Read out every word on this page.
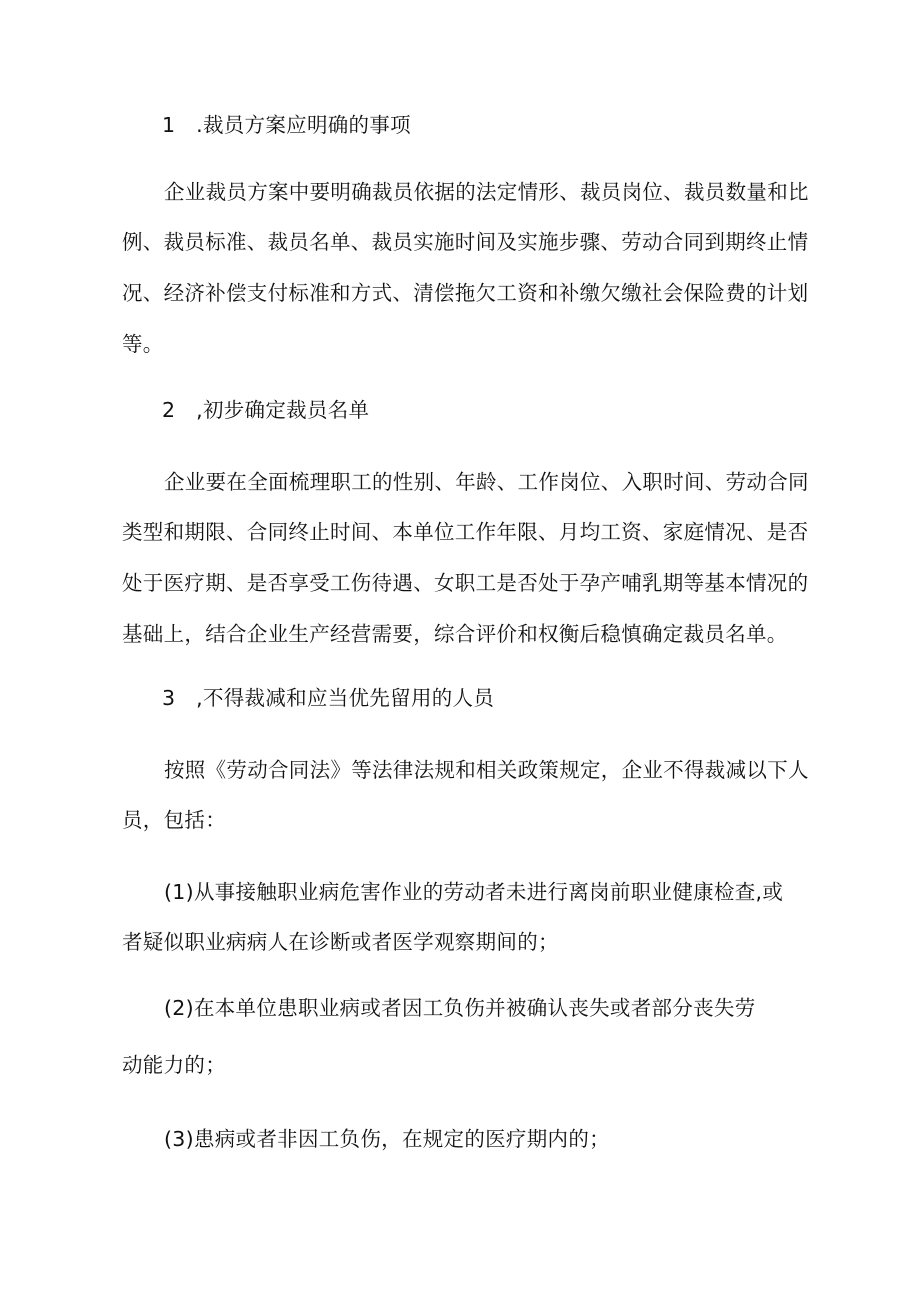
1　.裁员方案应明确的事项
企业裁员方案中要明确裁员依据的法定情形、裁员岗位、裁员数量和比
例、裁员标准、裁员名单、裁员实施时间及实施步骤、劳动合同到期终止情
况、经济补偿支付标准和方式、清偿拖欠工资和补缴欠缴社会保险费的计划
等。
2　,初步确定裁员名单
企业要在全面梳理职工的性别、年龄、工作岗位、入职时间、劳动合同
类型和期限、合同终止时间、本单位工作年限、月均工资、家庭情况、是否
处于医疗期、是否享受工伤待遇、女职工是否处于孕产哺乳期等基本情况的
基础上，结合企业生产经营需要，综合评价和权衡后稳慎确定裁员名单。
3　,不得裁减和应当优先留用的人员
按照《劳动合同法》等法律法规和相关政策规定，企业不得裁减以下人
员，包括：
(1)从事接触职业病危害作业的劳动者未进行离岗前职业健康检查,或
者疑似职业病病人在诊断或者医学观察期间的；
(2)在本单位患职业病或者因工负伤并被确认丧失或者部分丧失劳
动能力的；
(3)患病或者非因工负伤，在规定的医疗期内的；
